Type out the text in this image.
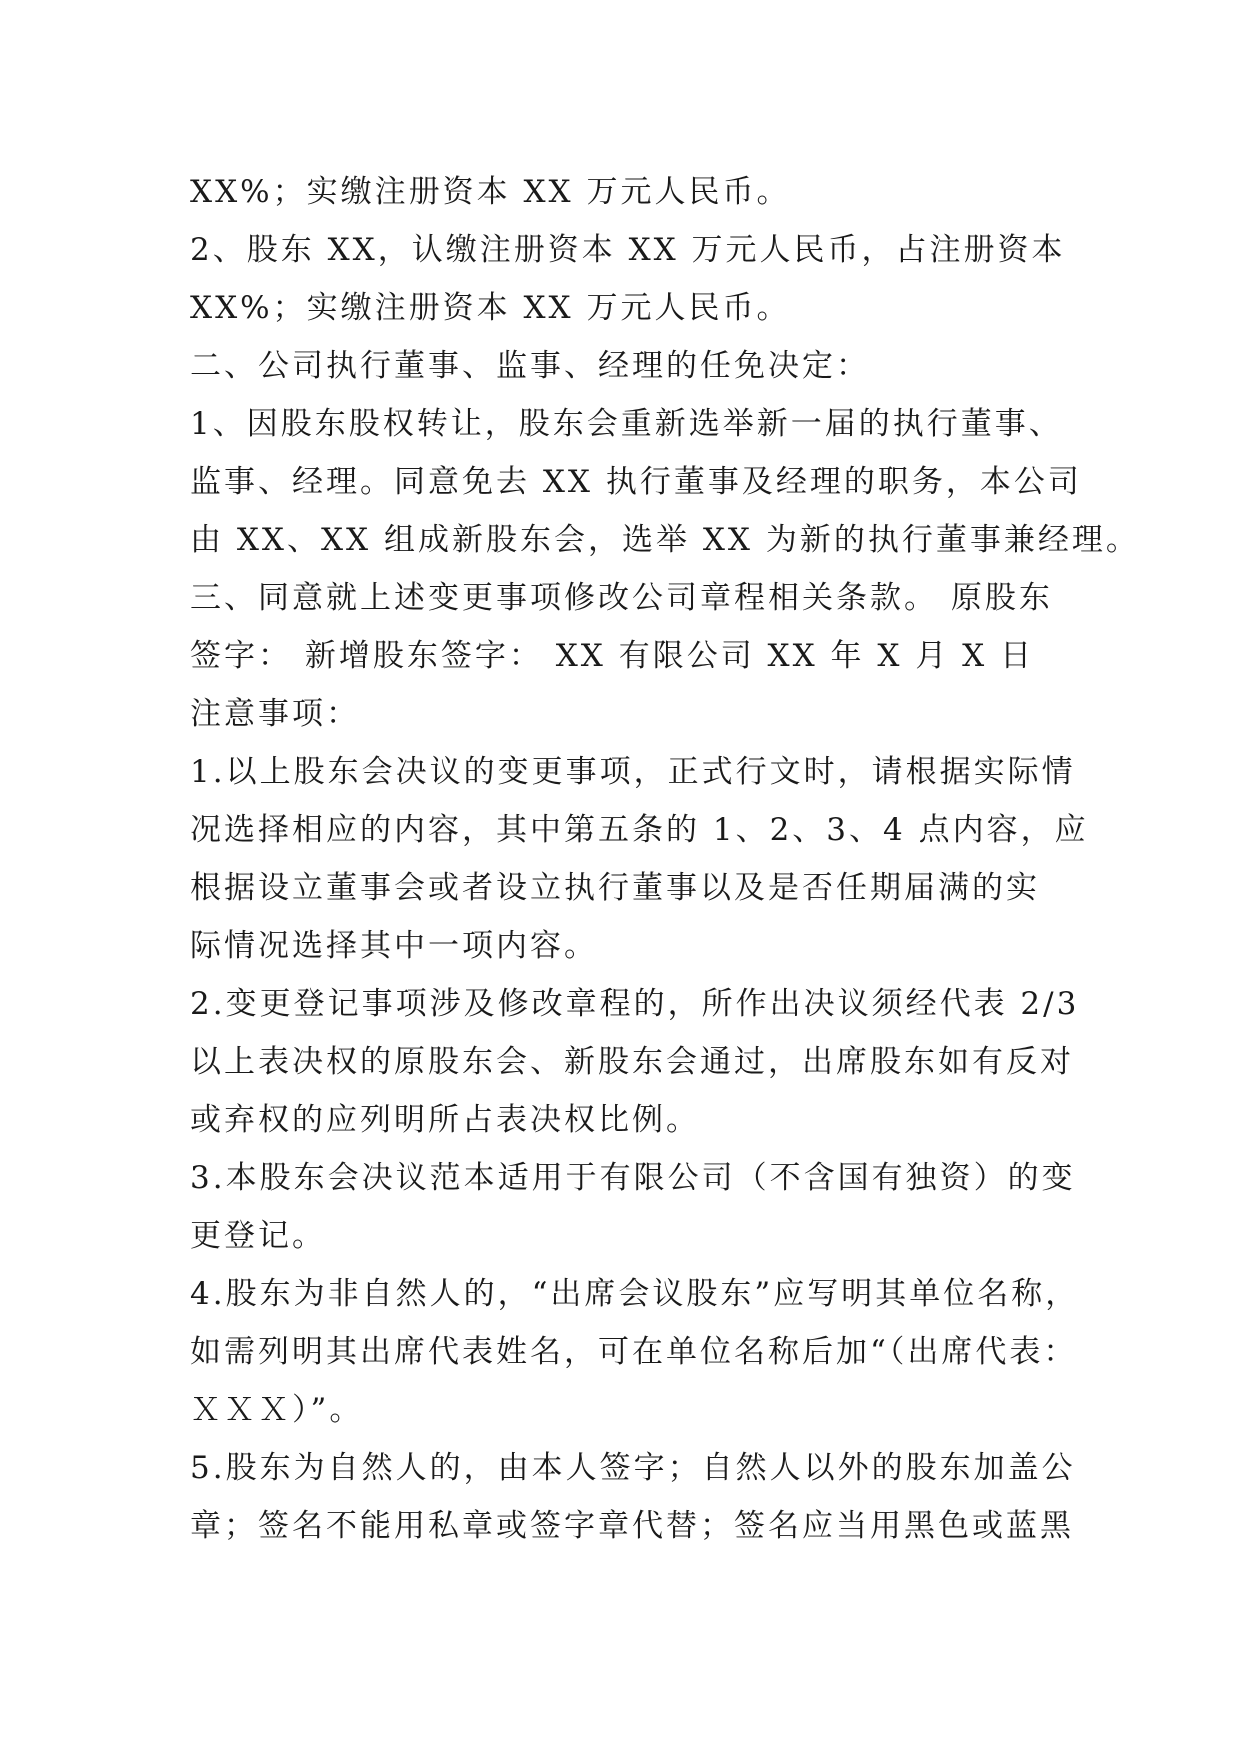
XX%；实缴注册资本 XX 万元人民币。
2、股东 XX，认缴注册资本 XX 万元人民币，占注册资本
XX%；实缴注册资本 XX 万元人民币。
二、公司执行董事、监事、经理的任免决定：
1、因股东股权转让，股东会重新选举新一届的执行董事、
监事、经理。同意免去 XX 执行董事及经理的职务，本公司
由 XX、XX 组成新股东会，选举 XX 为新的执行董事兼经理。
三、同意就上述变更事项修改公司章程相关条款。 原股东
签字： 新增股东签字： XX 有限公司 XX 年 X 月 X 日
注意事项：
1.以上股东会决议的变更事项，正式行文时，请根据实际情
况选择相应的内容，其中第五条的 1、2、3、4 点内容，应
根据设立董事会或者设立执行董事以及是否任期届满的实
际情况选择其中一项内容。
2.变更登记事项涉及修改章程的，所作出决议须经代表 2/3
以上表决权的原股东会、新股东会通过，出席股东如有反对
或弃权的应列明所占表决权比例。
3.本股东会决议范本适用于有限公司（不含国有独资）的变
更登记。
4.股东为非自然人的，“出席会议股东”应写明其单位名称，
如需列明其出席代表姓名，可在单位名称后加“（出席代表：
ＸＸＸ）”。
5.股东为自然人的，由本人签字；自然人以外的股东加盖公
章；签名不能用私章或签字章代替；签名应当用黑色或蓝黑
